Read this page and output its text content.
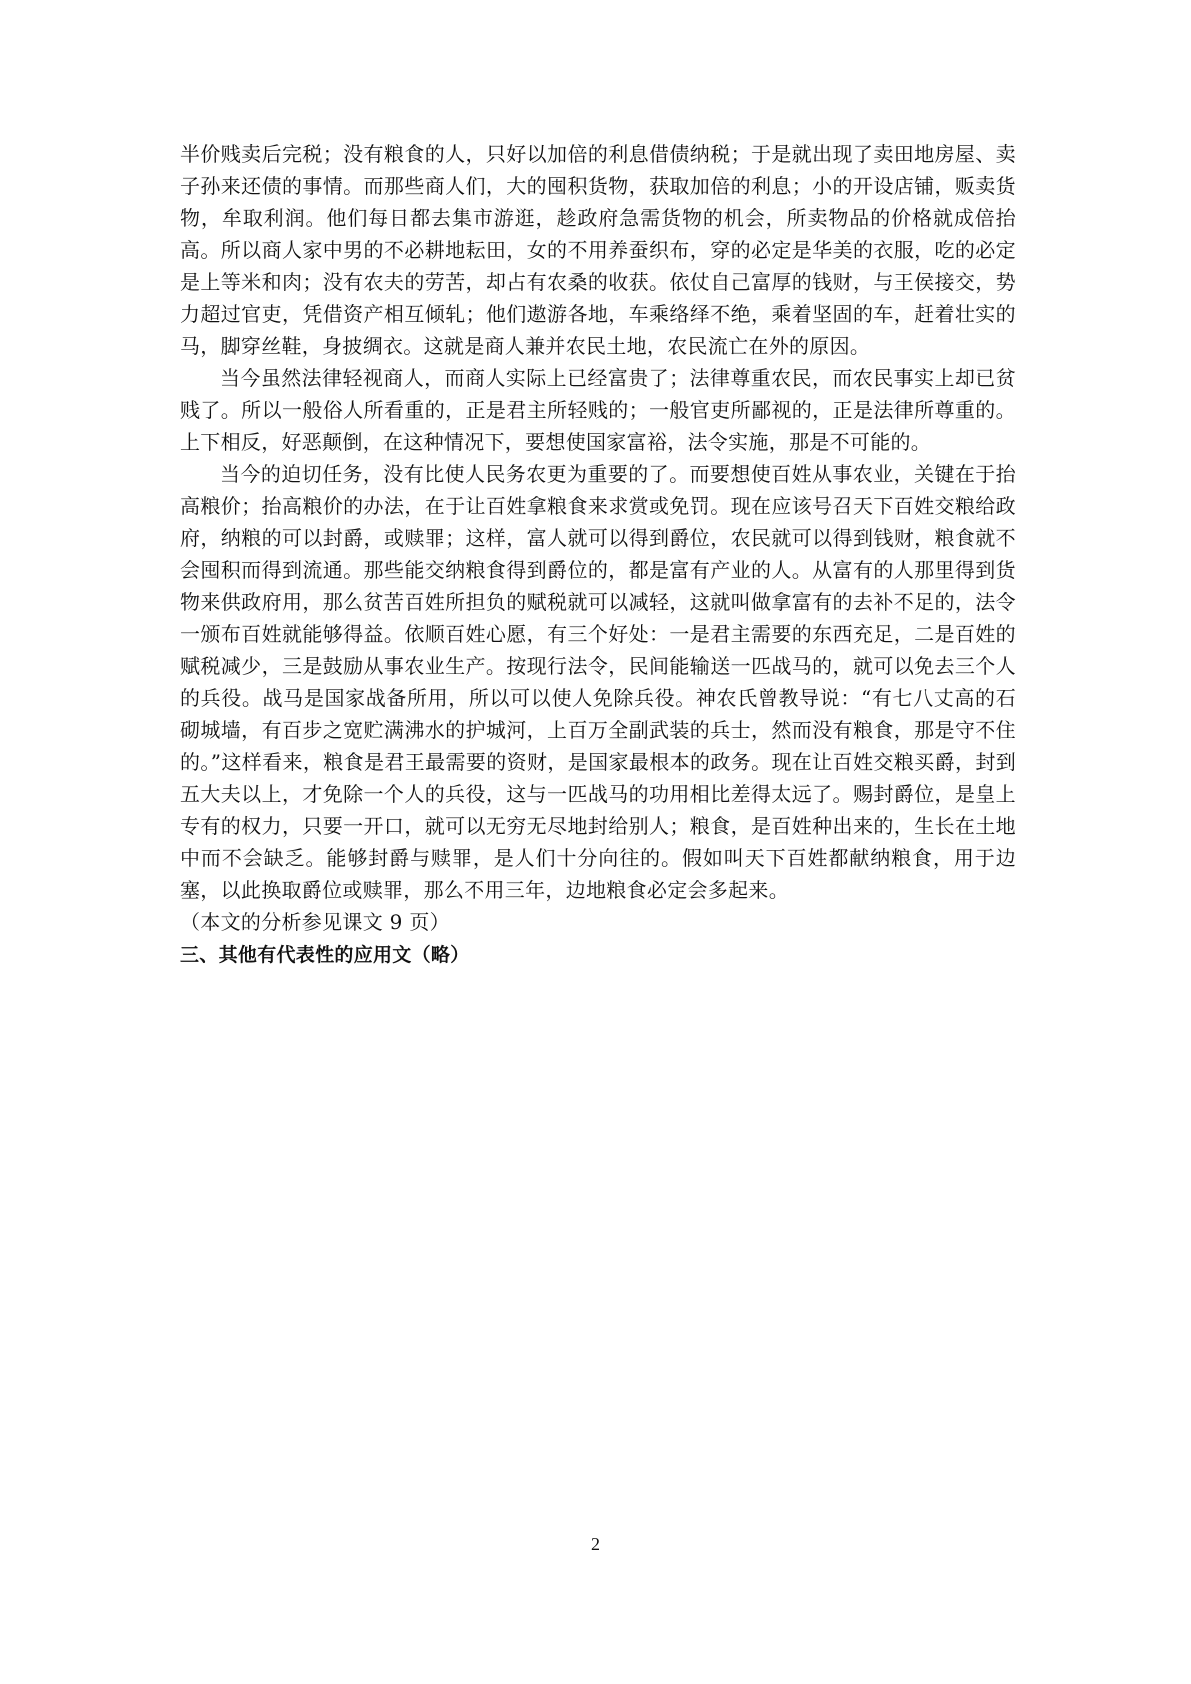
半价贱卖后完税；没有粮食的人，只好以加倍的利息借债纳税；于是就出现了卖田地房屋、卖子孙来还债的事情。而那些商人们，大的囤积货物，获取加倍的利息；小的开设店铺，贩卖货物，牟取利润。他们每日都去集市游逛，趁政府急需货物的机会，所卖物品的价格就成倍抬高。所以商人家中男的不必耕地耘田，女的不用养蚕织布，穿的必定是华美的衣服，吃的必定是上等米和肉；没有农夫的劳苦，却占有农桑的收获。依仗自己富厚的钱财，与王侯接交，势力超过官吏，凭借资产相互倾轧；他们遨游各地，车乘络绎不绝，乘着坚固的车，赶着壮实的马，脚穿丝鞋，身披绸衣。这就是商人兼并农民土地，农民流亡在外的原因。

当今虽然法律轻视商人，而商人实际上已经富贵了；法律尊重农民，而农民事实上却已贫贱了。所以一般俗人所看重的，正是君主所轻贱的；一般官吏所鄙视的，正是法律所尊重的。上下相反，好恶颠倒，在这种情况下，要想使国家富裕，法令实施，那是不可能的。

当今的迫切任务，没有比使人民务农更为重要的了。而要想使百姓从事农业，关键在于抬高粮价；抬高粮价的办法，在于让百姓拿粮食来求赏或免罚。现在应该号召天下百姓交粮给政府，纳粮的可以封爵，或赎罪；这样，富人就可以得到爵位，农民就可以得到钱财，粮食就不会囤积而得到流通。那些能交纳粮食得到爵位的，都是富有产业的人。从富有的人那里得到货物来供政府用，那么贫苦百姓所担负的赋税就可以减轻，这就叫做拿富有的去补不足的，法令一颁布百姓就能够得益。依顺百姓心愿，有三个好处：一是君主需要的东西充足，二是百姓的赋税减少，三是鼓励从事农业生产。按现行法令，民间能输送一匹战马的，就可以免去三个人的兵役。战马是国家战备所用，所以可以使人免除兵役。神农氏曾教导说：“有七八丈高的石砌城墙，有百步之宽贮满沸水的护城河，上百万全副武装的兵士，然而没有粮食，那是守不住的。”这样看来，粮食是君王最需要的资财，是国家最根本的政务。现在让百姓交粮买爵，封到五大夫以上，才免除一个人的兵役，这与一匹战马的功用相比差得太远了。赐封爵位，是皇上专有的权力，只要一开口，就可以无穷无尽地封给别人；粮食，是百姓种出来的，生长在土地中而不会缺乏。能够封爵与赎罪，是人们十分向往的。假如叫天下百姓都献纳粮食，用于边塞，以此换取爵位或赎罪，那么不用三年，边地粮食必定会多起来。

（本文的分析参见课文 9 页）

三、其他有代表性的应用文（略）

2
